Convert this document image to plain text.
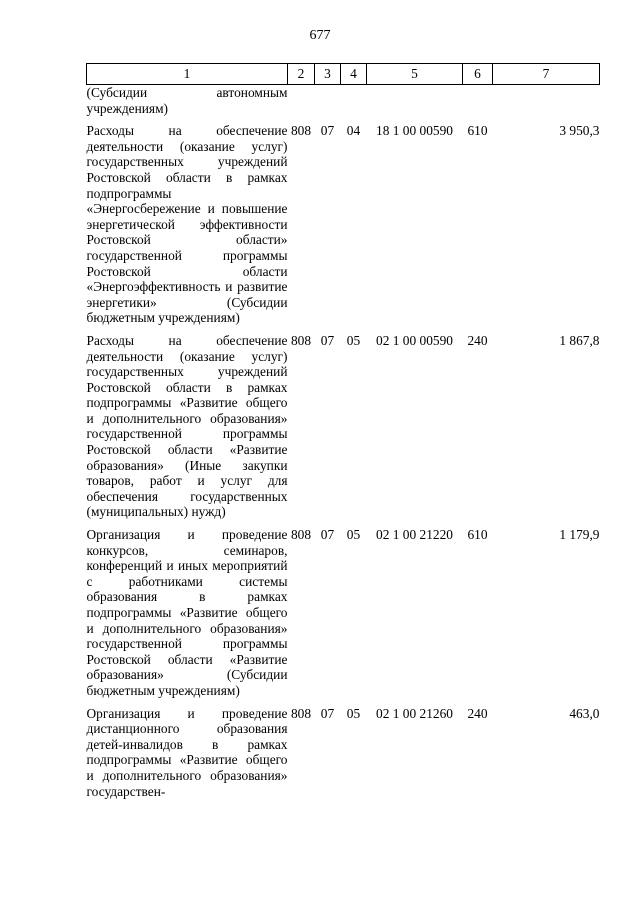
677
1	2	3	4	5	6	7
(Субсидии автономным учреждениям)						
Расходы на обеспечение деятельности (оказание услуг) государственных учреждений Ростовской области в рамках подпрограммы «Энергосбережение и повышение энергетической эффективности Ростовской области» государственной программы Ростовской области «Энергоэффективность и развитие энергетики» (Субсидии бюджетным учреждениям)	808	07	04	18 1 00 00590	610	3 950,3
Расходы на обеспечение деятельности (оказание услуг) государственных учреждений Ростовской области в рамках подпрограммы «Развитие общего и дополнительного образования» государственной программы Ростовской области «Развитие образования» (Иные закупки товаров, работ и услуг для обеспечения государственных (муниципальных) нужд)	808	07	05	02 1 00 00590	240	1 867,8
Организация и проведение конкурсов, семинаров, конференций и иных мероприятий с работниками системы образования в рамках подпрограммы «Развитие общего и дополнительного образования» государственной программы Ростовской области «Развитие образования» (Субсидии бюджетным учреждениям)	808	07	05	02 1 00 21220	610	1 179,9
Организация и проведение дистанционного образования детей-инвалидов в рамках подпрограммы «Развитие общего и дополнительного образования» государствен-	808	07	05	02 1 00 21260	240	463,0
